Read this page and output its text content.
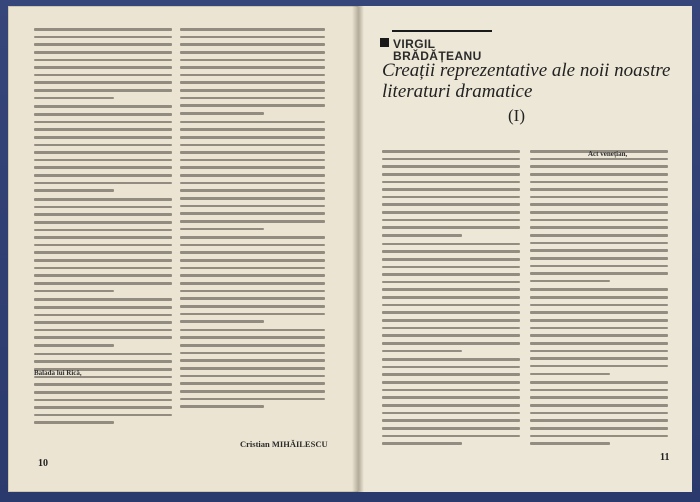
Balada lui Rică,
Cristian MIHĂILESCU
10
VIRGIL
BRĂDĂȚEANU
Creații reprezentative ale noii noastre literaturi dramatice
(I)
Act venețian,
11
